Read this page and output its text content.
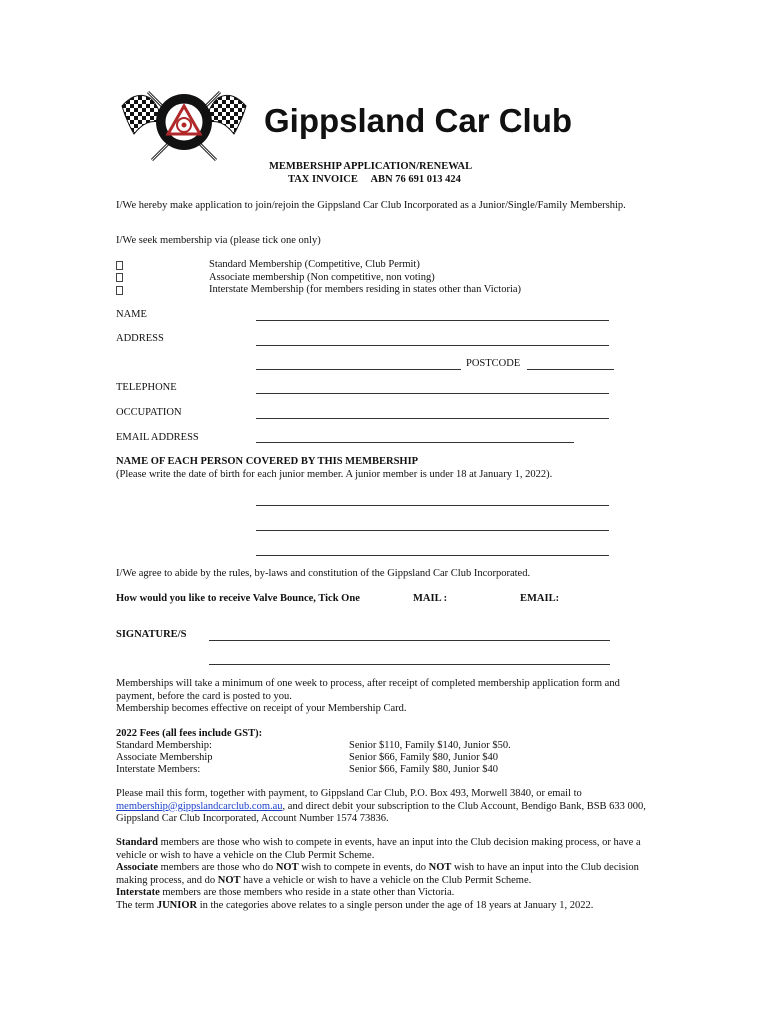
Gippsland Car Club
MEMBERSHIP APPLICATION/RENEWAL
TAX INVOICE ABN 76 691 013 424

I/We hereby make application to join/rejoin the Gippsland Car Club Incorporated as a Junior/Single/Family Membership.

I/We seek membership via (please tick one only)

Standard Membership (Competitive, Club Permit)
Associate membership (Non competitive, non voting)
Interstate Membership (for members residing in states other than Victoria)
NAME
ADDRESS
POSTCODE
TELEPHONE
OCCUPATION
EMAIL ADDRESS
NAME OF EACH PERSON COVERED BY THIS MEMBERSHIP
(Please write the date of birth for each junior member. A junior member is under 18 at January 1, 2022).

I/We agree to abide by the rules, by-laws and constitution of the Gippsland Car Club Incorporated.

How would you like to receive Valve Bounce, Tick One	MAIL :	EMAIL:
SIGNATURE/S

Memberships will take a minimum of one week to process, after receipt of completed membership application form and payment, before the card is posted to you.

Membership becomes effective on receipt of your Membership Card.

2022 Fees (all fees include GST):
Standard Membership:	Senior $110, Family $140, Junior $50.
Associate Membership	Senior $66, Family $80, Junior $40
Interstate Members:	Senior $66, Family $80, Junior $40

Please mail this form, together with payment, to Gippsland Car Club, P.O. Box 493, Morwell 3840, or email to membership@gippslandcarclub.com.au, and direct debit your subscription to the Club Account, Bendigo Bank, BSB 633 000, Gippsland Car Club Incorporated, Account Number 1574 73836.

Standard members are those who wish to compete in events, have an input into the Club decision making process, or have a vehicle or wish to have a vehicle on the Club Permit Scheme.
Associate members are those who do NOT wish to compete in events, do NOT wish to have an input into the Club decision making process, and do NOT have a vehicle or wish to have a vehicle on the Club Permit Scheme.
Interstate members are those members who reside in a state other than Victoria.
The term JUNIOR in the categories above relates to a single person under the age of 18 years at January 1, 2022.
